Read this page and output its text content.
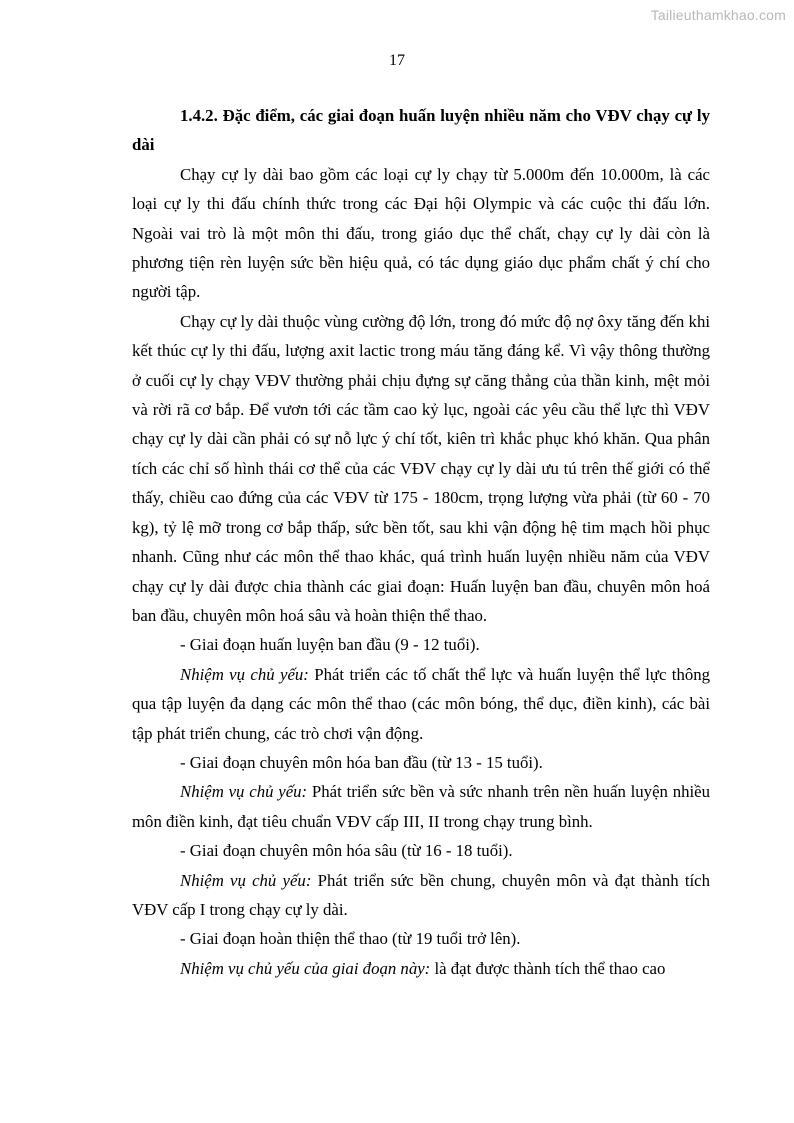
Tailieuthamkhao.com
17

1.4.2. Đặc điểm, các giai đoạn huấn luyện nhiều năm cho VĐV chạy cự ly dài

Chạy cự ly dài bao gồm các loại cự ly chạy từ 5.000m đến 10.000m, là các loại cự ly thi đấu chính thức trong các Đại hội Olympic và các cuộc thi đấu lớn. Ngoài vai trò là một môn thi đấu, trong giáo dục thể chất, chạy cự ly dài còn là phương tiện rèn luyện sức bền hiệu quả, có tác dụng giáo dục phẩm chất ý chí cho người tập.

Chạy cự ly dài thuộc vùng cường độ lớn, trong đó mức độ nợ ôxy tăng đến khi kết thúc cự ly thi đấu, lượng axit lactic trong máu tăng đáng kể. Vì vậy thông thường ở cuối cự ly chạy VĐV thường phải chịu đựng sự căng thẳng của thần kinh, mệt mỏi và rời rã cơ bắp. Để vươn tới các tầm cao kỷ lục, ngoài các yêu cầu thể lực thì VĐV chạy cự ly dài cần phải có sự nỗ lực ý chí tốt, kiên trì khắc phục khó khăn. Qua phân tích các chỉ số hình thái cơ thể của các VĐV chạy cự ly dài ưu tú trên thế giới có thể thấy, chiều cao đứng của các VĐV từ 175 - 180cm, trọng lượng vừa phải (từ 60 - 70 kg), tỷ lệ mỡ trong cơ bắp thấp, sức bền tốt, sau khi vận động hệ tim mạch hồi phục nhanh. Cũng như các môn thể thao khác, quá trình huấn luyện nhiều năm của VĐV chạy cự ly dài được chia thành các giai đoạn: Huấn luyện ban đầu, chuyên môn hoá ban đầu, chuyên môn hoá sâu và hoàn thiện thể thao.

- Giai đoạn huấn luyện ban đầu (9 - 12 tuổi).

Nhiệm vụ chủ yếu: Phát triển các tố chất thể lực và huấn luyện thể lực thông qua tập luyện đa dạng các môn thể thao (các môn bóng, thể dục, điền kinh), các bài tập phát triển chung, các trò chơi vận động.

- Giai đoạn chuyên môn hóa ban đầu (từ 13 - 15 tuổi).

Nhiệm vụ chủ yếu: Phát triển sức bền và sức nhanh trên nền huấn luyện nhiều môn điền kinh, đạt tiêu chuẩn VĐV cấp III, II trong chạy trung bình.

- Giai đoạn chuyên môn hóa sâu (từ 16 - 18 tuổi).

Nhiệm vụ chủ yếu: Phát triển sức bền chung, chuyên môn và đạt thành tích VĐV cấp I trong chạy cự ly dài.

- Giai đoạn hoàn thiện thể thao (từ 19 tuổi trở lên).

Nhiệm vụ chủ yếu của giai đoạn này: là đạt được thành tích thể thao cao
